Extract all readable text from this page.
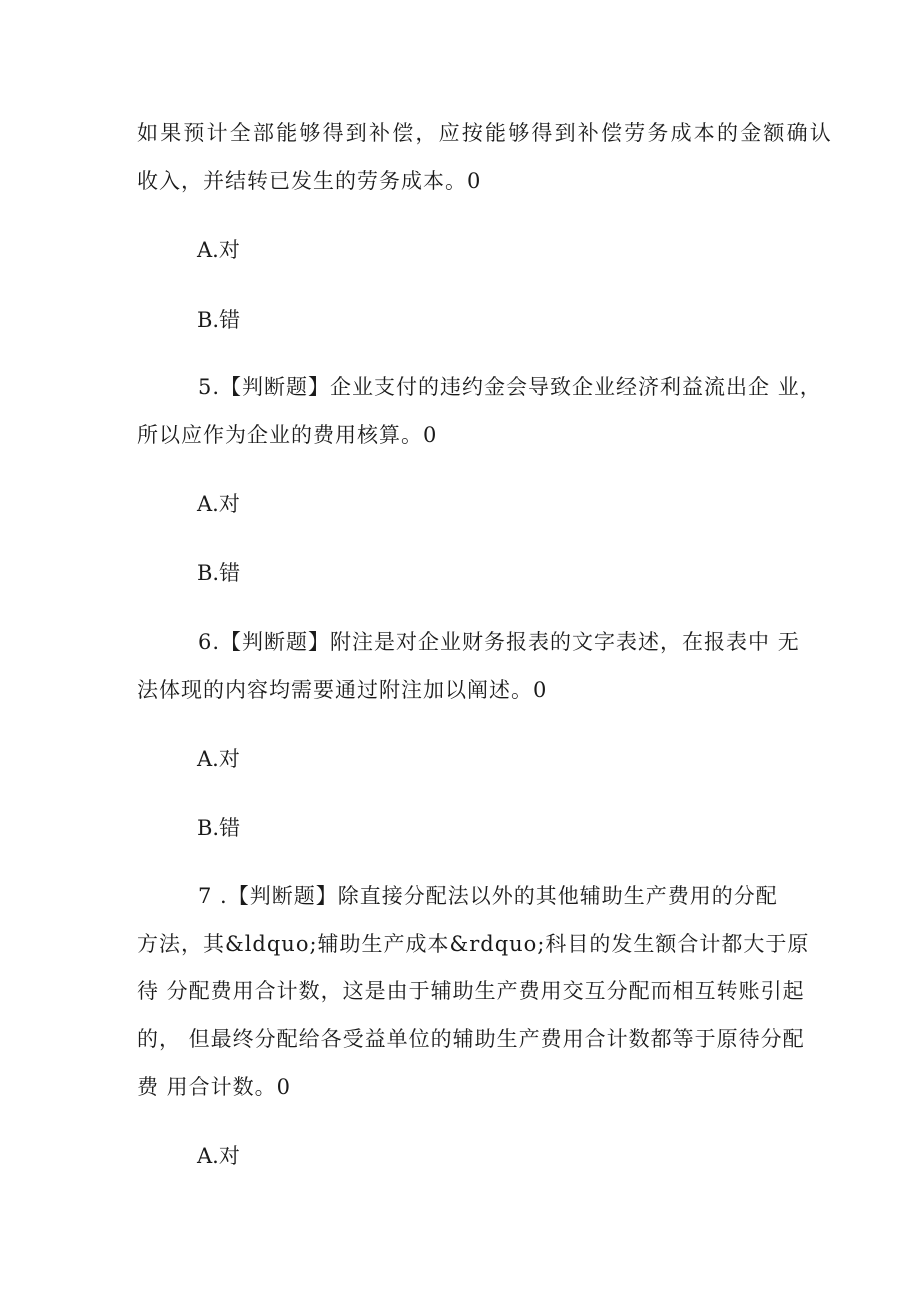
如果预计全部能够得到补偿，应按能够得到补偿劳务成本的金额确认
收入，并结转已发生的劳务成本。0
A.对
B.错
5.【判断题】企业支付的违约金会导致企业经济利益流出企 业，
所以应作为企业的费用核算。0
A.对
B.错
6.【判断题】附注是对企业财务报表的文字表述，在报表中 无
法体现的内容均需要通过附注加以阐述。0
A.对
B.错
7 .【判断题】除直接分配法以外的其他辅助生产费用的分配
方法，其&ldquo;辅助生产成本&rdquo;科目的发生额合计都大于原
待 分配费用合计数，这是由于辅助生产费用交互分配而相互转账引起
的， 但最终分配给各受益单位的辅助生产费用合计数都等于原待分配
费 用合计数。0
A.对
